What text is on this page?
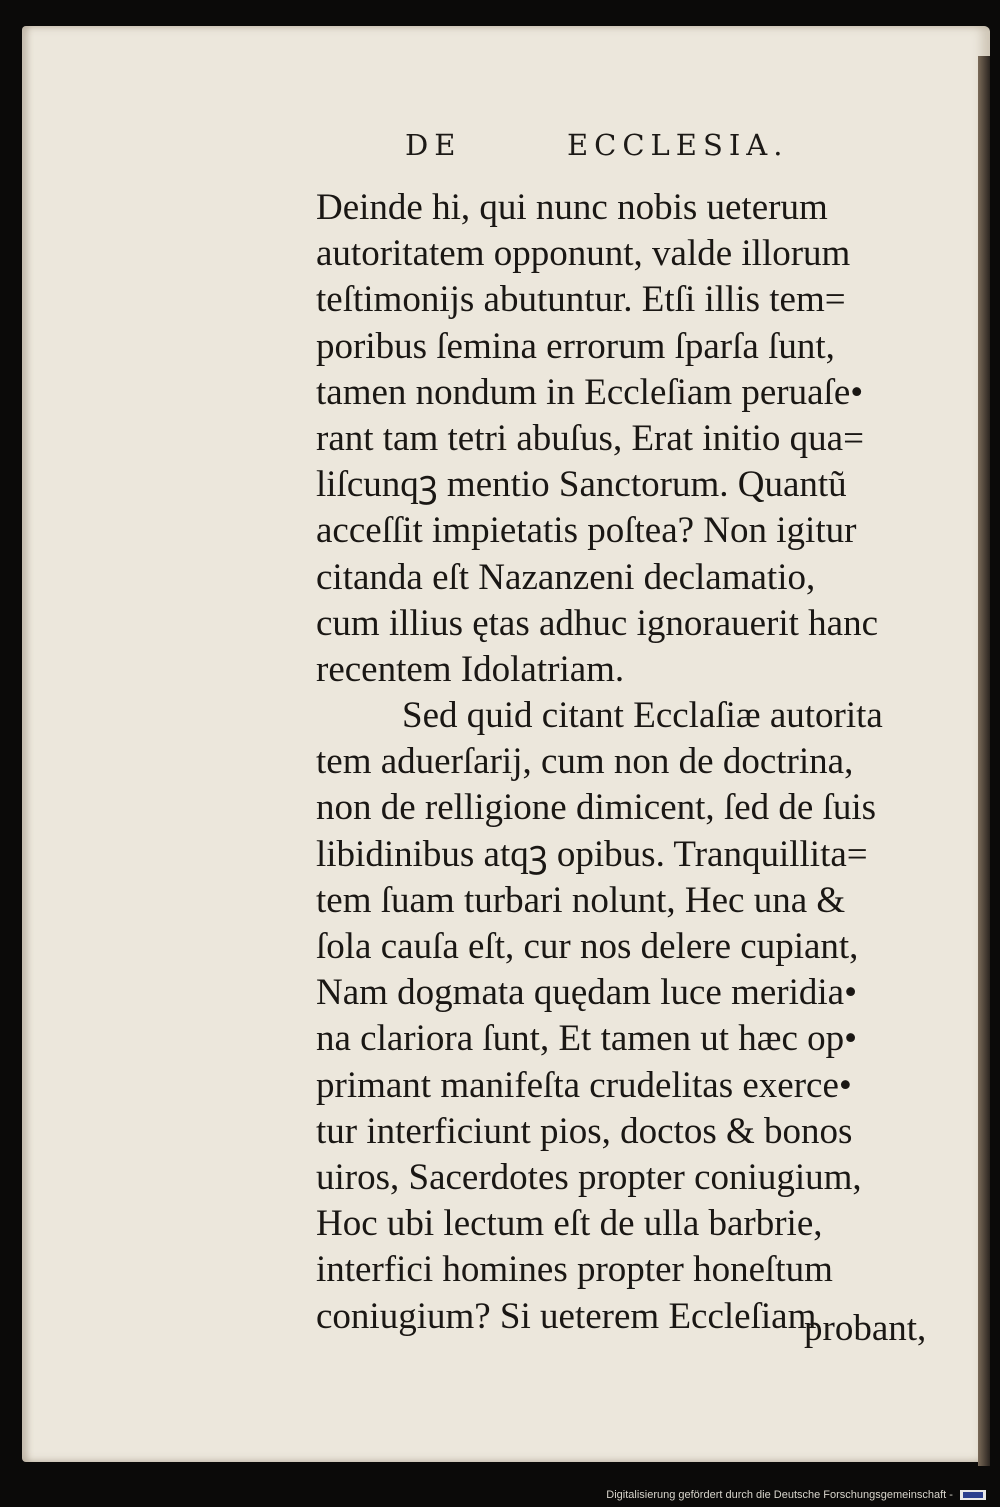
DE	ECCLESIA.
Deinde hi, qui nunc nobis ueterum
autoritatem opponunt, valde illorum
teſtimonijs abutuntur. Etſi illis tem=
poribus ſemina errorum ſparſa ſunt,
tamen nondum in Eccleſiam peruaſe•
rant tam tetri abuſus, Erat initio qua=
liſcunqꝫ mentio Sanctorum. Quantũ
acceſſit impietatis poſtea? Non igitur
citanda eſt Nazanzeni declamatio,
cum illius ętas adhuc ignorauerit hanc
recentem Idolatriam.
Sed quid citant Ecclaſiæ autorita
tem aduerſarij, cum non de doctrina,
non de relligione dimicent, ſed de ſuis
libidinibus atqꝫ opibus. Tranquillita=
tem ſuam turbari nolunt, Hec una &
ſola cauſa eſt, cur nos delere cupiant,
Nam dogmata quędam luce meridia•
na clariora ſunt, Et tamen ut hæc op•
primant manifeſta crudelitas exerce•
tur interficiunt pios, doctos & bonos
uiros, Sacerdotes propter coniugium,
Hoc ubi lectum eſt de ulla barbrie,
interfici homines propter honeſtum
coniugium? Si ueterem Eccleſiam
probant,
Digitalisierung gefördert durch die Deutsche Forschungsgemeinschaft -
